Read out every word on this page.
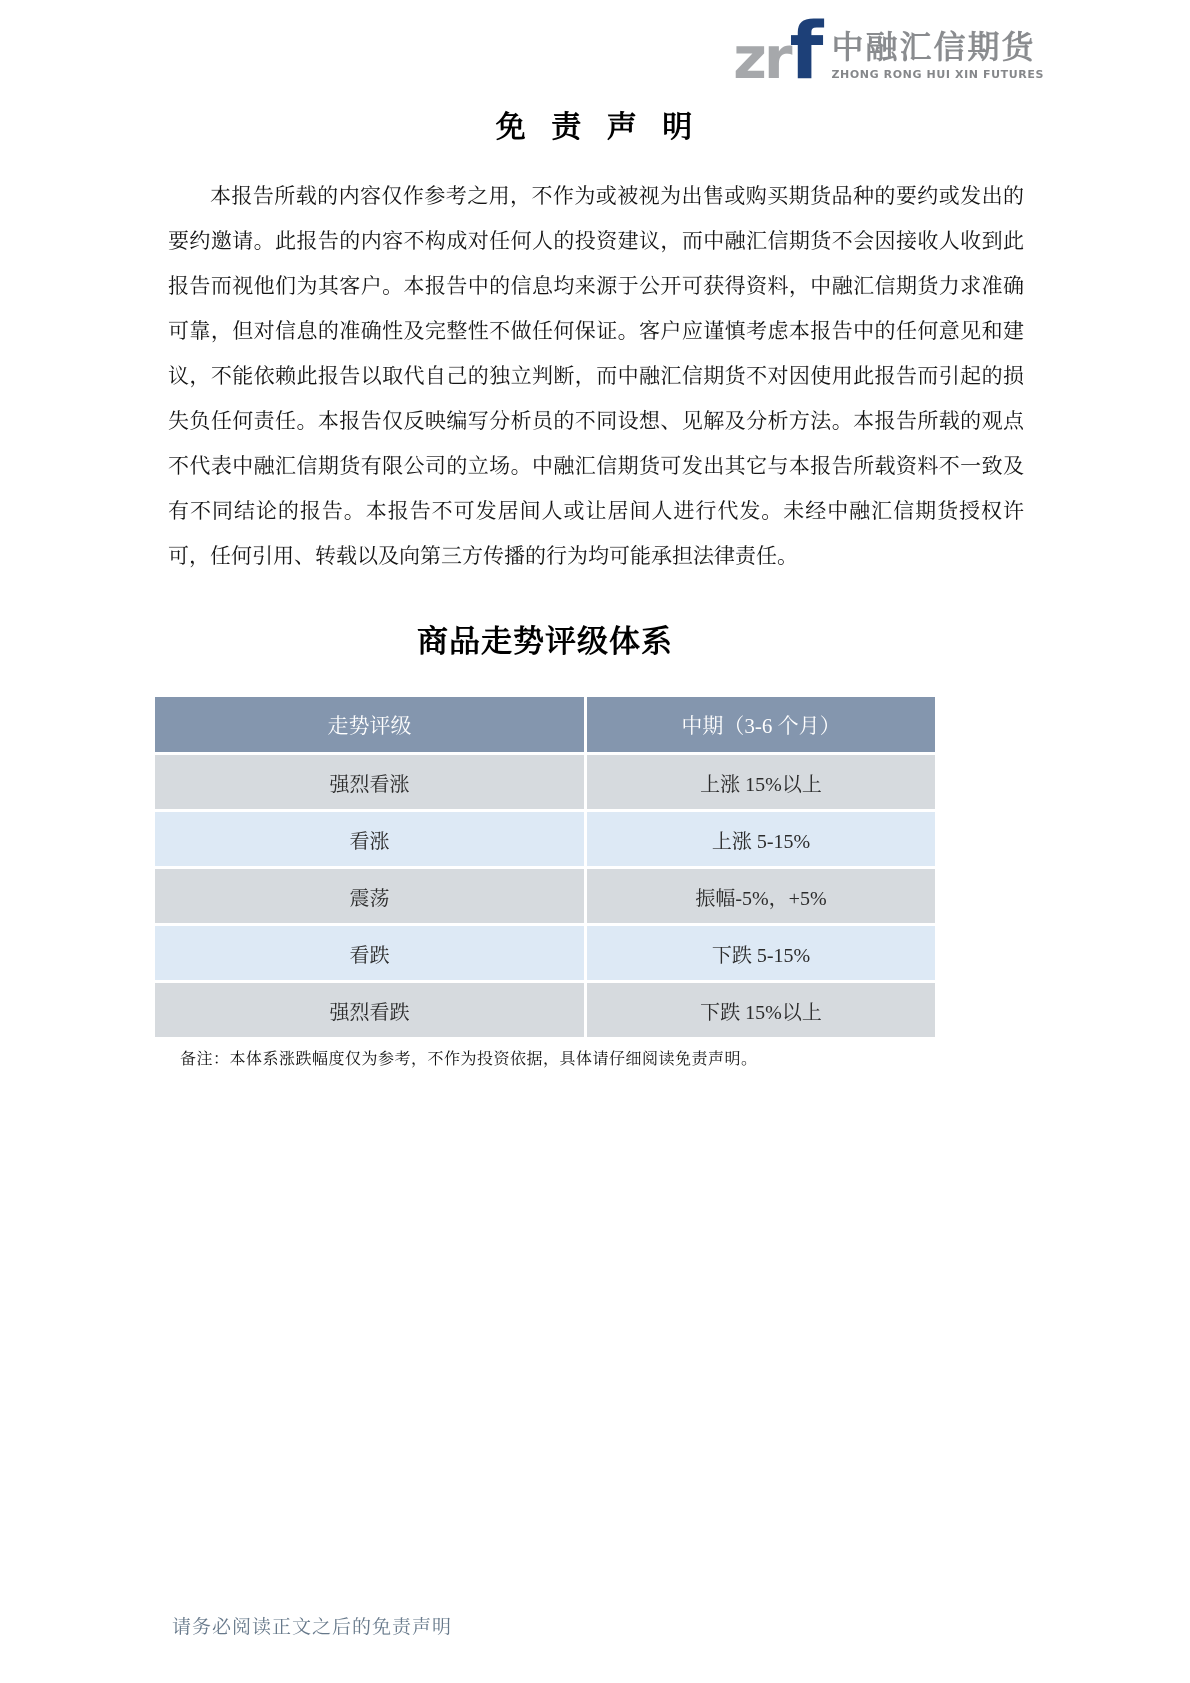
zrf 中融汇信期货
ZHONG RONG HUI XIN FUTURES
免 责 声 明

本报告所载的内容仅作参考之用，不作为或被视为出售或购买期货品种的要约或发出的要约邀请。此报告的内容不构成对任何人的投资建议，而中融汇信期货不会因接收人收到此报告而视他们为其客户。本报告中的信息均来源于公开可获得资料，中融汇信期货力求准确可靠，但对信息的准确性及完整性不做任何保证。客户应谨慎考虑本报告中的任何意见和建议，不能依赖此报告以取代自己的独立判断，而中融汇信期货不对因使用此报告而引起的损失负任何责任。本报告仅反映编写分析员的不同设想、见解及分析方法。本报告所载的观点不代表中融汇信期货有限公司的立场。中融汇信期货可发出其它与本报告所载资料不一致及有不同结论的报告。本报告不可发居间人或让居间人进行代发。未经中融汇信期货授权许可，任何引用、转载以及向第三方传播的行为均可能承担法律责任。

商品走势评级体系
走势评级	中期（3-6 个月）
强烈看涨	上涨 15%以上
看涨	上涨 5-15%
震荡	振幅-5%，+5%
看跌	下跌 5-15%
强烈看跌	下跌 15%以上

备注：本体系涨跌幅度仅为参考，不作为投资依据，具体请仔细阅读免责声明。

请务必阅读正文之后的免责声明
